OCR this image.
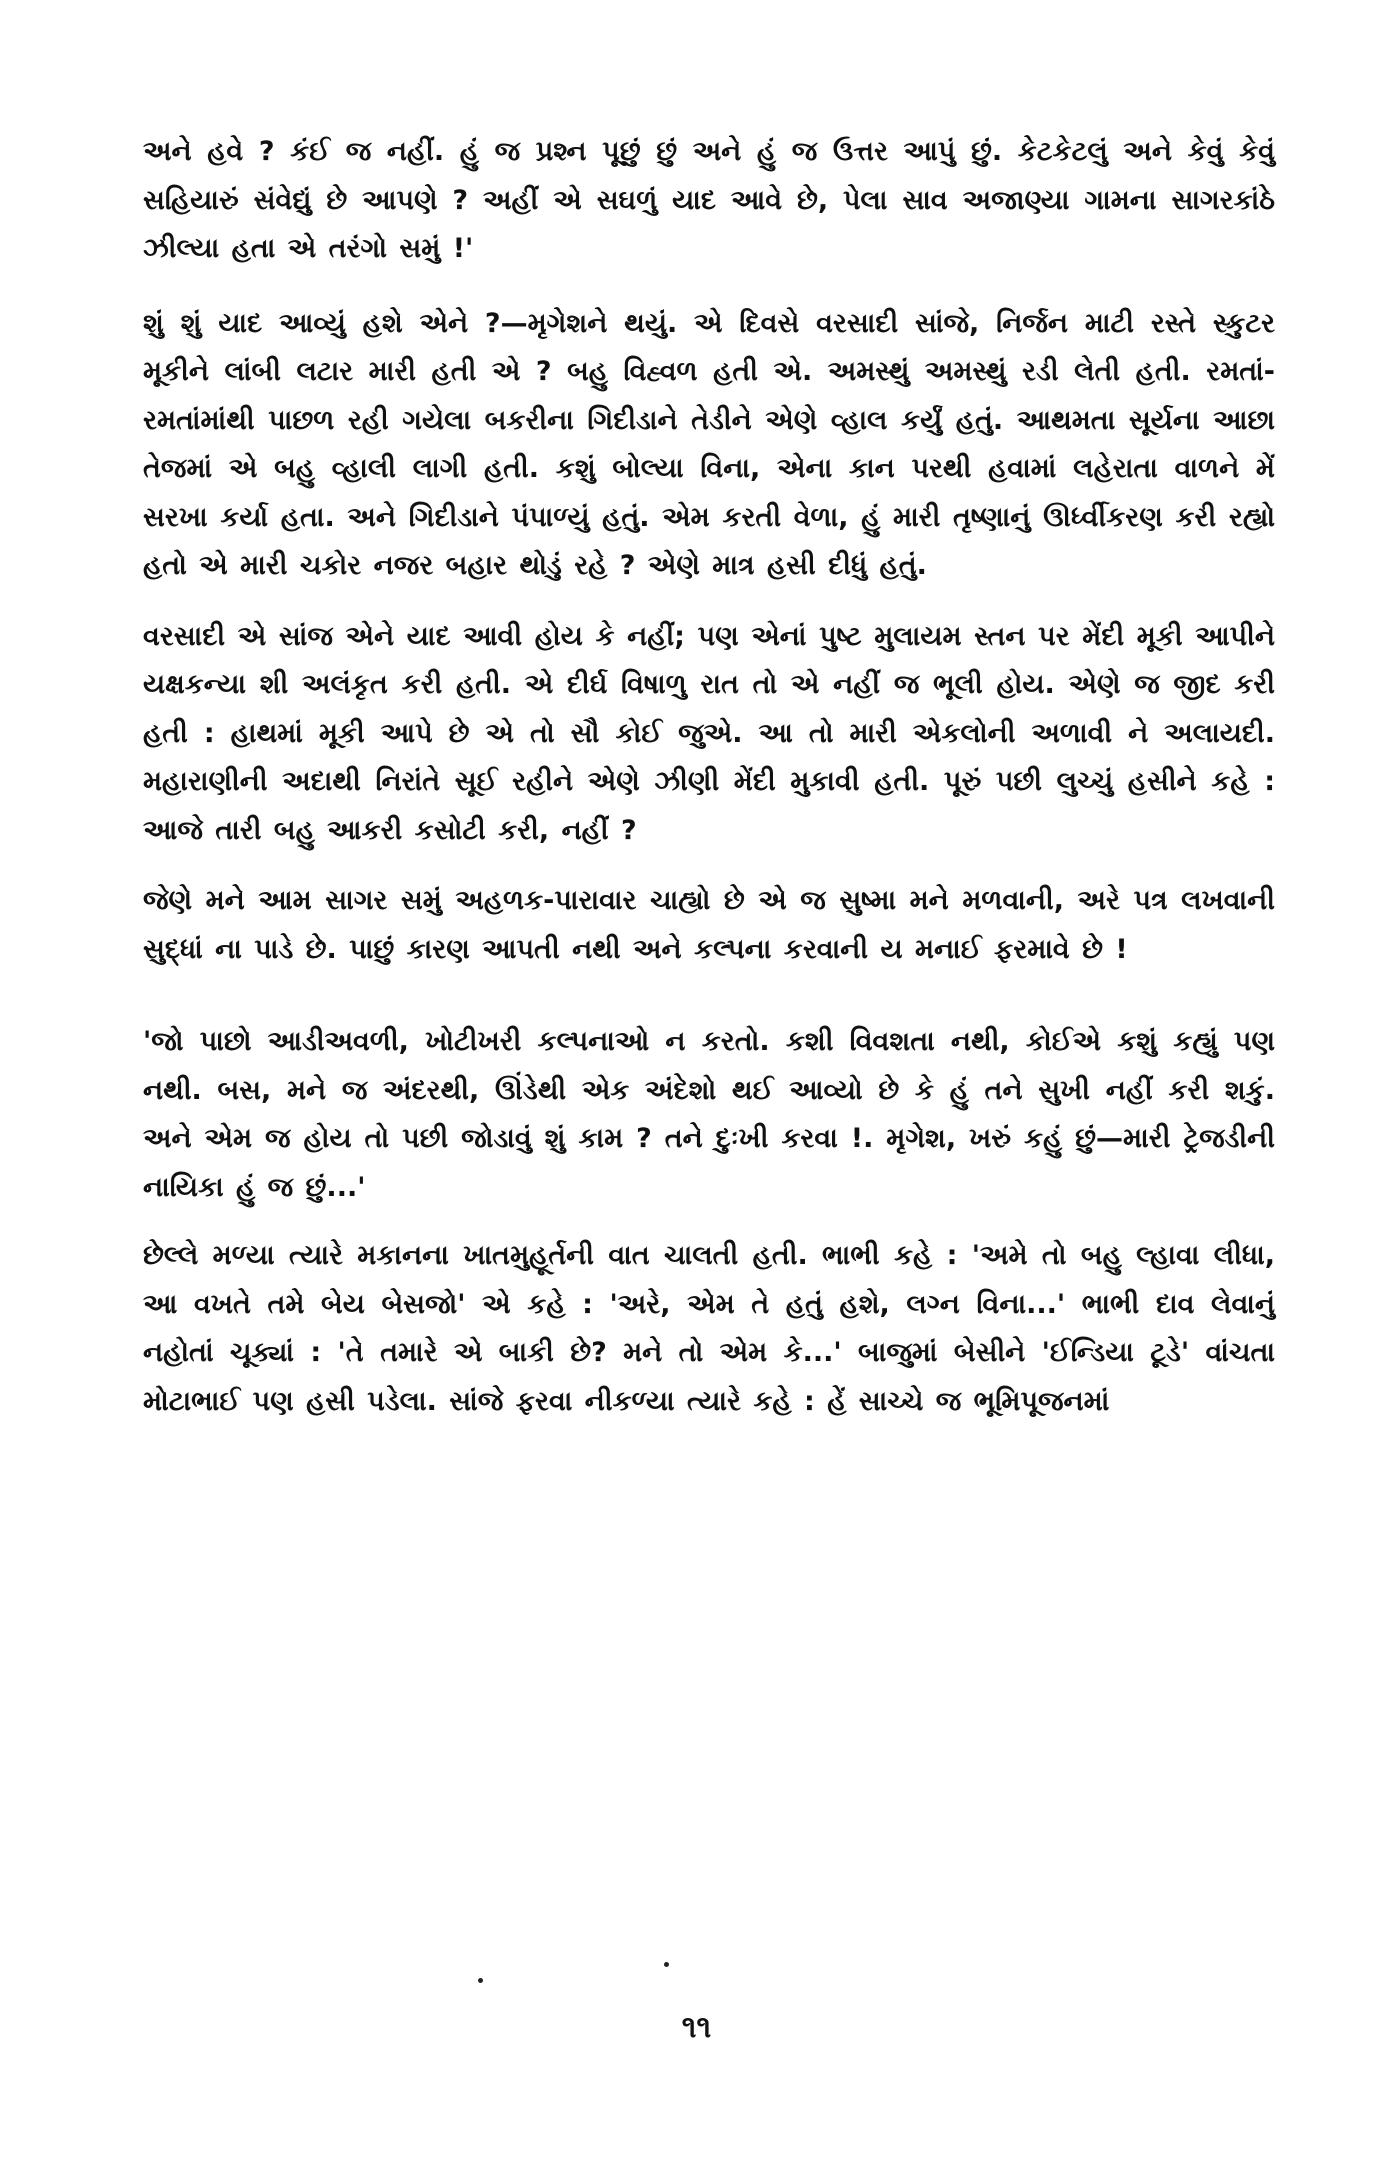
અને હવે ? કંઈ જ નહીં. હું જ પ્રશ્ન પૂછું છું અને હું જ ઉત્તર આપું છું. કેટકેટલું અને કેવું કેવું સહિયારું સંવેદ્યું છે આપણે ? અહીં એ સઘળું યાદ આવે છે, પેલા સાવ અજાણ્યા ગામના સાગરકાંઠે ઝીલ્યા હતા એ તરંગો સમું !'

શું શું યાદ આવ્યું હશે એને ?—મૃગેશને થયું. એ દિવસે વરસાદી સાંજે, નિર્જન માટી રસ્તે સ્કુટર મૂકીને લાંબી લટાર મારી હતી એ ? બહુ વિહ્વળ હતી એ. અમસ્થું અમસ્થું રડી લેતી હતી. રમતાં-રમતાંમાંથી પાછળ રહી ગયેલા બકરીના ગિદીડાને તેડીને એણે વ્હાલ કર્યું હતું. આથમતા સૂર્યના આછા તેજમાં એ બહુ વ્હાલી લાગી હતી. કશું બોલ્યા વિના, એના કાન પરથી હવામાં લહેરાતા વાળને મેં સરખા કર્યા હતા. અને ગિદીડાને પંપાળ્યું હતું. એમ કરતી વેળા, હું મારી તૃષ્ણાનું ઊર્ધ્વીકરણ કરી રહ્યો હતો એ મારી ચકોર નજર બહાર થોડું રહે ? એણે માત્ર હસી દીધું હતું.

વરસાદી એ સાંજ એને યાદ આવી હોય કે નહીં; પણ એનાં પુષ્ટ મુલાયમ સ્તન પર મેંદી મૂકી આપીને યક્ષકન્યા શી અલંકૃત કરી હતી. એ દીર્ઘ વિષાળુ રાત તો એ નહીં જ ભૂલી હોય. એણે જ જીદ કરી હતી : હાથમાં મૂકી આપે છે એ તો સૌ કોઈ જુએ. આ તો મારી એકલોની અળાવી ને અલાયદી. મહારાણીની અદાથી નિરાંતે સૂઈ રહીને એણે ઝીણી મેંદી મુકાવી હતી. પૂરું પછી લુચ્ચું હસીને કહે : આજે તારી બહુ આકરી કસોટી કરી, નહીં ?

જેણે મને આમ સાગર સમું અહળક-પારાવાર ચાહ્યો છે એ જ સુષ્મા મને મળવાની, અરે પત્ર લખવાની સુદ્ધાં ના પાડે છે. પાછું કારણ આપતી નથી અને કલ્પના કરવાની ય મનાઈ ફરમાવે છે !

'જો પાછો આડીઅવળી, ખોટીખરી કલ્પનાઓ ન કરતો. કશી વિવશતા નથી, કોઈએ કશું કહ્યું પણ નથી. બસ, મને જ અંદરથી, ઊંડેથી એક અંદેશો થઈ આવ્યો છે કે હું તને સુખી નહીં કરી શકું. અને એમ જ હોય તો પછી જોડાવું શું કામ ? તને દુઃખી કરવા !. મૃગેશ, ખરું કહું છું—મારી ટ્રેજડીની નાયિકા હું જ છું...'

છેલ્લે મળ્યા ત્યારે મકાનના ખાતમુહૂર્તની વાત ચાલતી હતી. ભાભી કહે : 'અમે તો બહુ લ્હાવા લીધા, આ વખતે તમે બેય બેસજો' એ કહે : 'અરે, એમ તે હતું હશે, લગ્ન વિના...' ભાભી દાવ લેવાનું નહોતાં ચૂક્યાં : 'તે તમારે એ બાકી છે? મને તો એમ કે...' બાજુમાં બેસીને 'ઈન્ડિયા ટૂડે' વાંચતા મોટાભાઈ પણ હસી પડેલા. સાંજે ફરવા નીકળ્યા ત્યારે કહે : હેં સાચ્ચે જ ભૂમિપૂજનમાં

૧૧
